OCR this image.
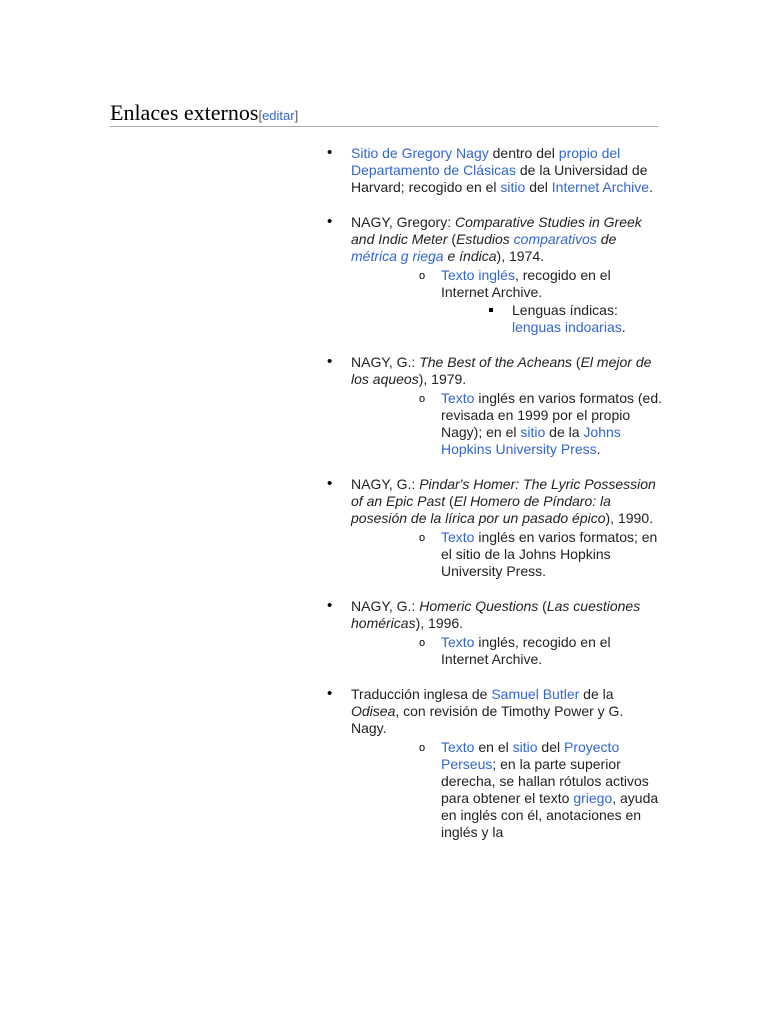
Enlaces externos[editar]
• Sitio de Gregory Nagy dentro del propio del Departamento de Clásicas de la Universidad de Harvard; recogido en el sitio del Internet Archive.
• NAGY, Gregory: Comparative Studies in Greek and Indic Meter (Estudios comparativos de métrica g riega e índica), 1974.
o Texto inglés, recogido en el Internet Archive.
Lenguas índicas: lenguas indoarias.
• NAGY, G.: The Best of the Acheans (El mejor de los aqueos), 1979.
o Texto inglés en varios formatos (ed. revisada en 1999 por el propio Nagy); en el sitio de la Johns Hopkins University Press.
• NAGY, G.: Pindar's Homer: The Lyric Possession of an Epic Past (El Homero de Píndaro: la posesión de la lírica por un pasado épico), 1990.
o Texto inglés en varios formatos; en el sitio de la Johns Hopkins University Press.
• NAGY, G.: Homeric Questions (Las cuestiones homéricas), 1996.
o Texto inglés, recogido en el Internet Archive.
• Traducción inglesa de Samuel Butler de la Odisea, con revisión de Timothy Power y G. Nagy.
o Texto en el sitio del Proyecto Perseus; en la parte superior derecha, se hallan rótulos activos para obtener el texto griego, ayuda en inglés con él, anotaciones en inglés y la
